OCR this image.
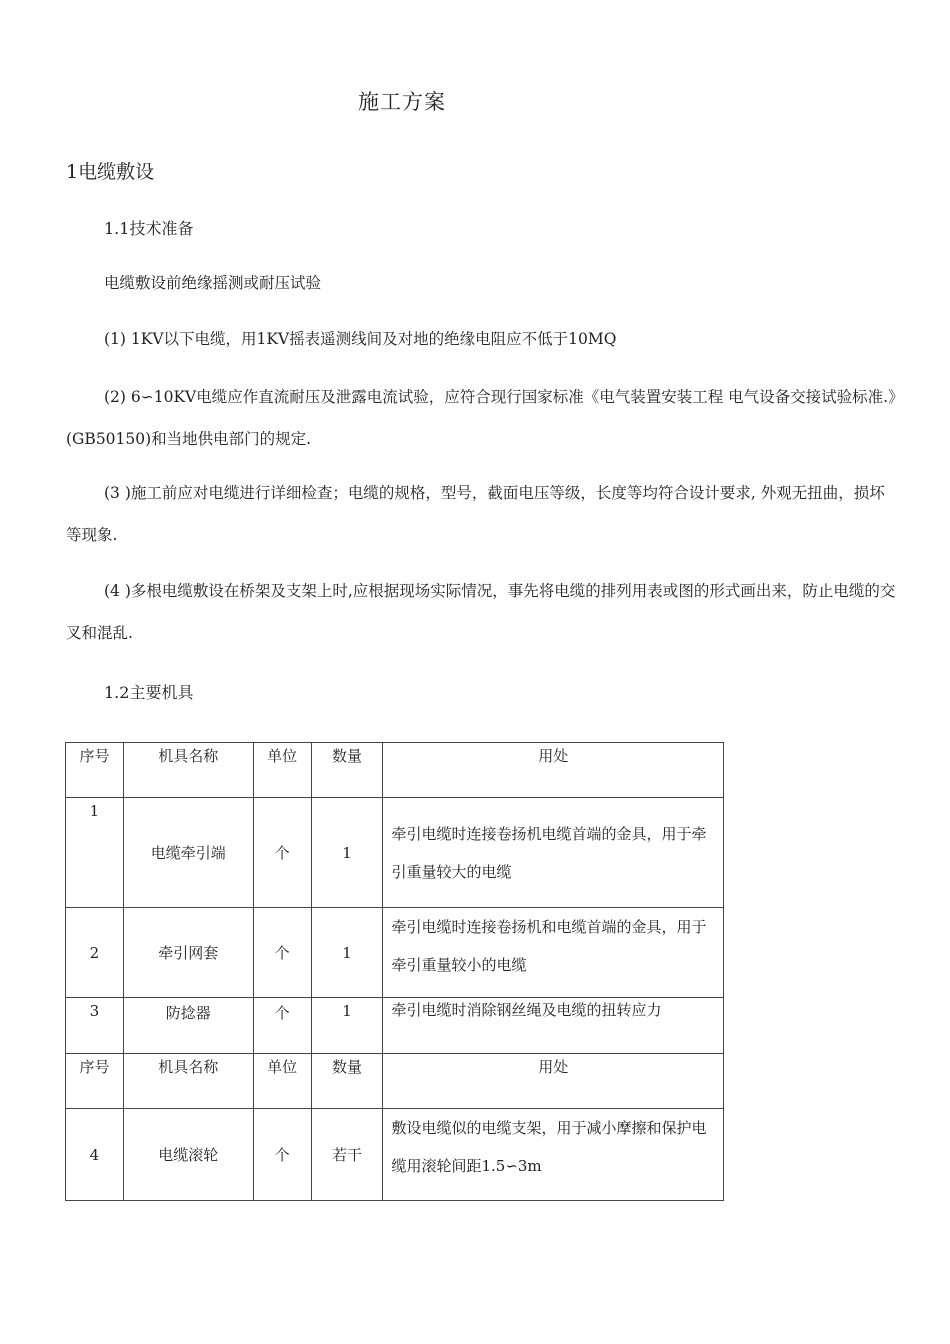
施工方案
1电缆敷设
1.1技术准备
电缆敷设前绝缘摇测或耐压试验
(1) 1KV以下电缆，用1KV摇表遥测线间及对地的绝缘电阻应不低于10MQ
(2) 6∽10KV电缆应作直流耐压及泄露电流试验，应符合现行国家标准《电气装置安装工程 电气设备交接试验标准.》(GB50150)和当地供电部门的规定.
(3 )施工前应对电缆进行详细检查；电缆的规格，型号，截面电压等级，长度等均符合设计要求, 外观无扭曲，损坏等现象.
(4 )多根电缆敷设在桥架及支架上时,应根据现场实际情况，事先将电缆的排列用表或图的形式画出来，防止电缆的交叉和混乱.
1.2主要机具
序号	机具名称	单位	数量	用处
1	电缆牵引端	个	1	牵引电缆时连接卷扬机电缆首端的金具，用于牵引重量较大的电缆
2	牵引网套	个	1	牵引电缆时连接卷扬机和电缆首端的金具，用于牵引重量较小的电缆
3	防捻器	个	1	牵引电缆时消除钢丝绳及电缆的扭转应力
序号	机具名称	单位	数量	用处
4	电缆滚轮	个	若干	敷设电缆似的电缆支架，用于减小摩擦和保护电缆用滚轮间距1.5∽3m
